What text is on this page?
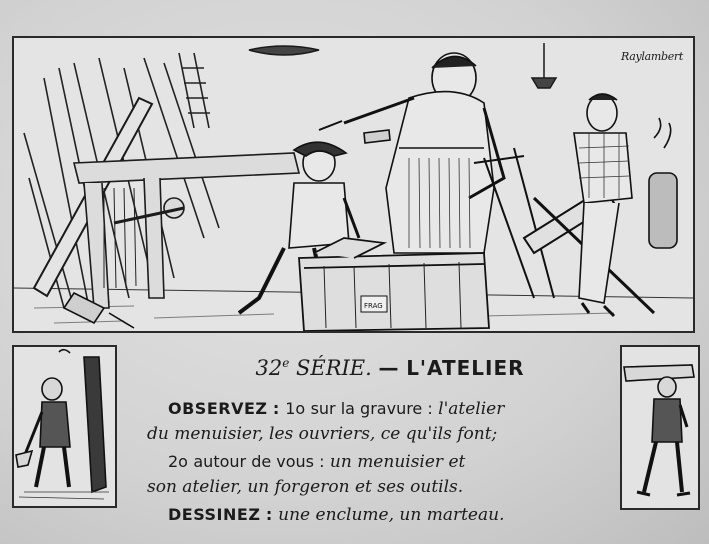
FRAG
Raylambert
32e SÉRIE. — L'ATELIER
OBSERVEZ : 1o sur la gravure : l'atelier
du menuisier, les ouvriers, ce qu'ils font;
2o autour de vous : un menuisier et
son atelier, un forgeron et ses outils.
DESSINEZ : une enclume, un marteau.
